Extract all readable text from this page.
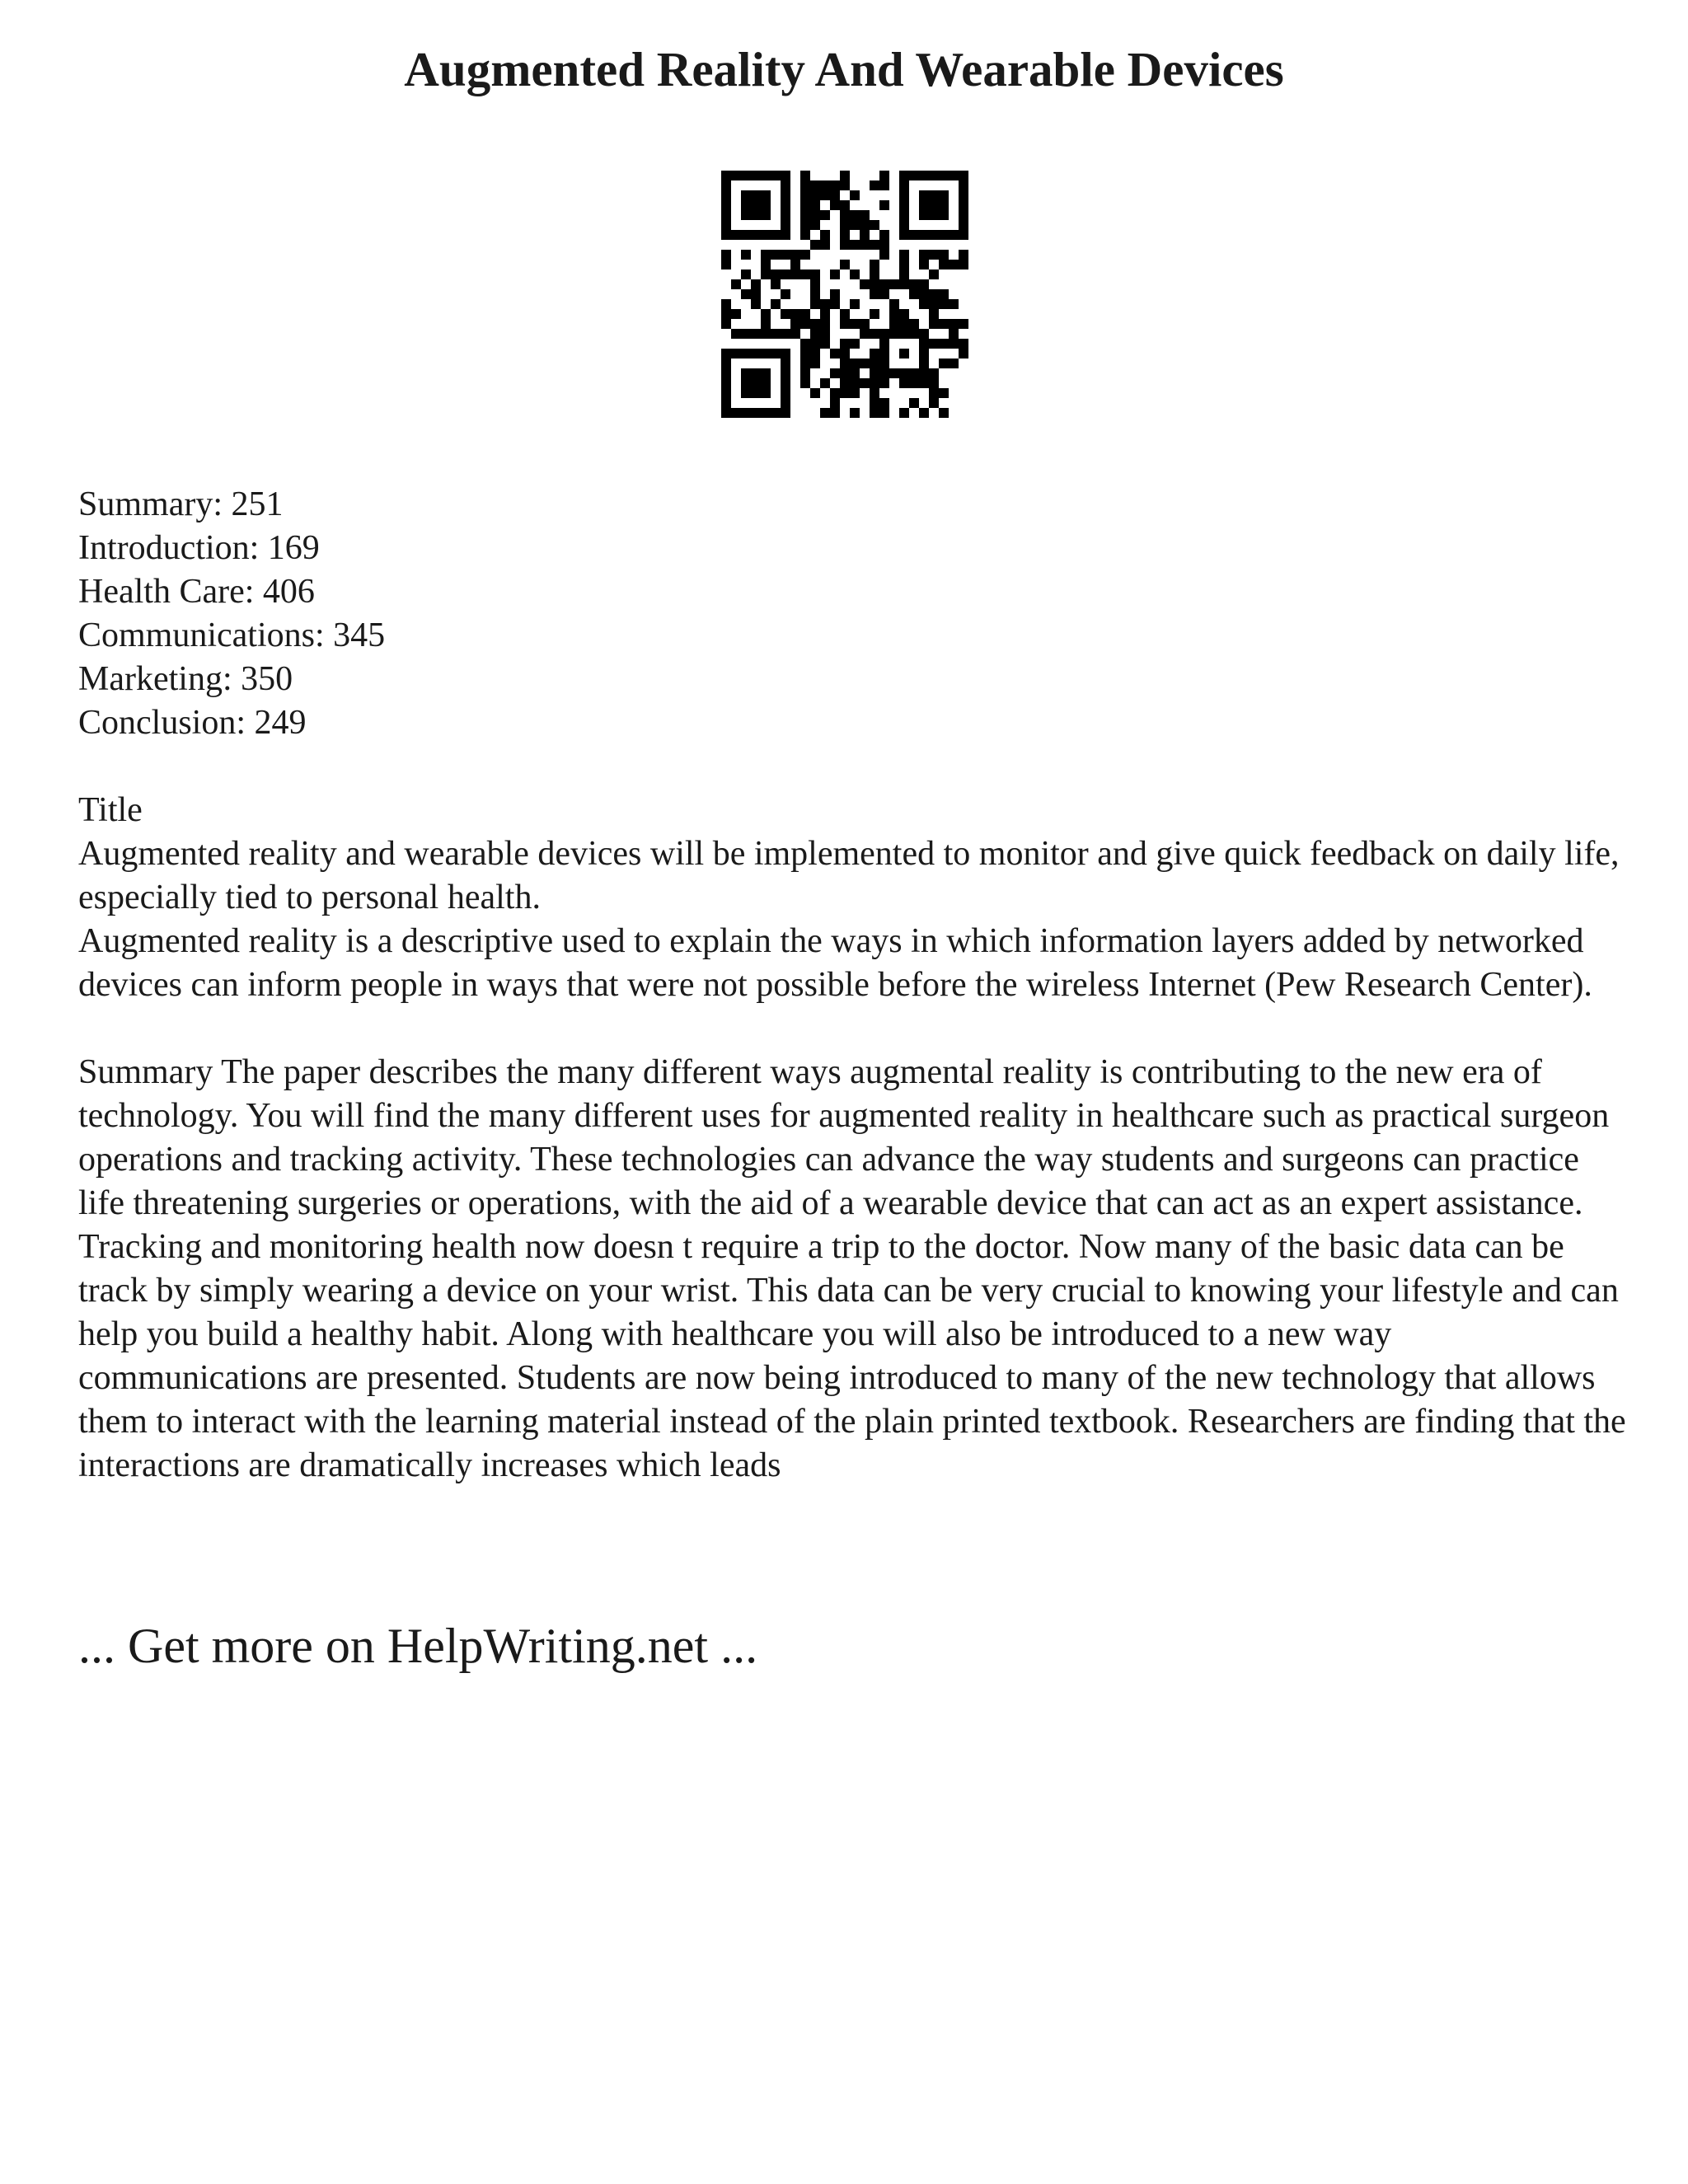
Augmented Reality And Wearable Devices
Summary: 251
Introduction: 169
Health Care: 406
Communications: 345
Marketing: 350
Conclusion: 249
Title

Augmented reality and wearable devices will be implemented to monitor and give quick feedback on daily life, especially tied to personal health.

Augmented reality is a descriptive used to explain the ways in which information layers added by networked devices can inform people in ways that were not possible before the wireless Internet (Pew Research Center).

Summary The paper describes the many different ways augmental reality is contributing to the new era of technology. You will find the many different uses for augmented reality in healthcare such as practical surgeon operations and tracking activity. These technologies can advance the way students and surgeons can practice life threatening surgeries or operations, with the aid of a wearable device that can act as an expert assistance. Tracking and monitoring health now doesn t require a trip to the doctor. Now many of the basic data can be track by simply wearing a device on your wrist. This data can be very crucial to knowing your lifestyle and can help you build a healthy habit. Along with healthcare you will also be introduced to a new way communications are presented. Students are now being introduced to many of the new technology that allows them to interact with the learning material instead of the plain printed textbook. Researchers are finding that the interactions are dramatically increases which leads

... Get more on HelpWriting.net ...
